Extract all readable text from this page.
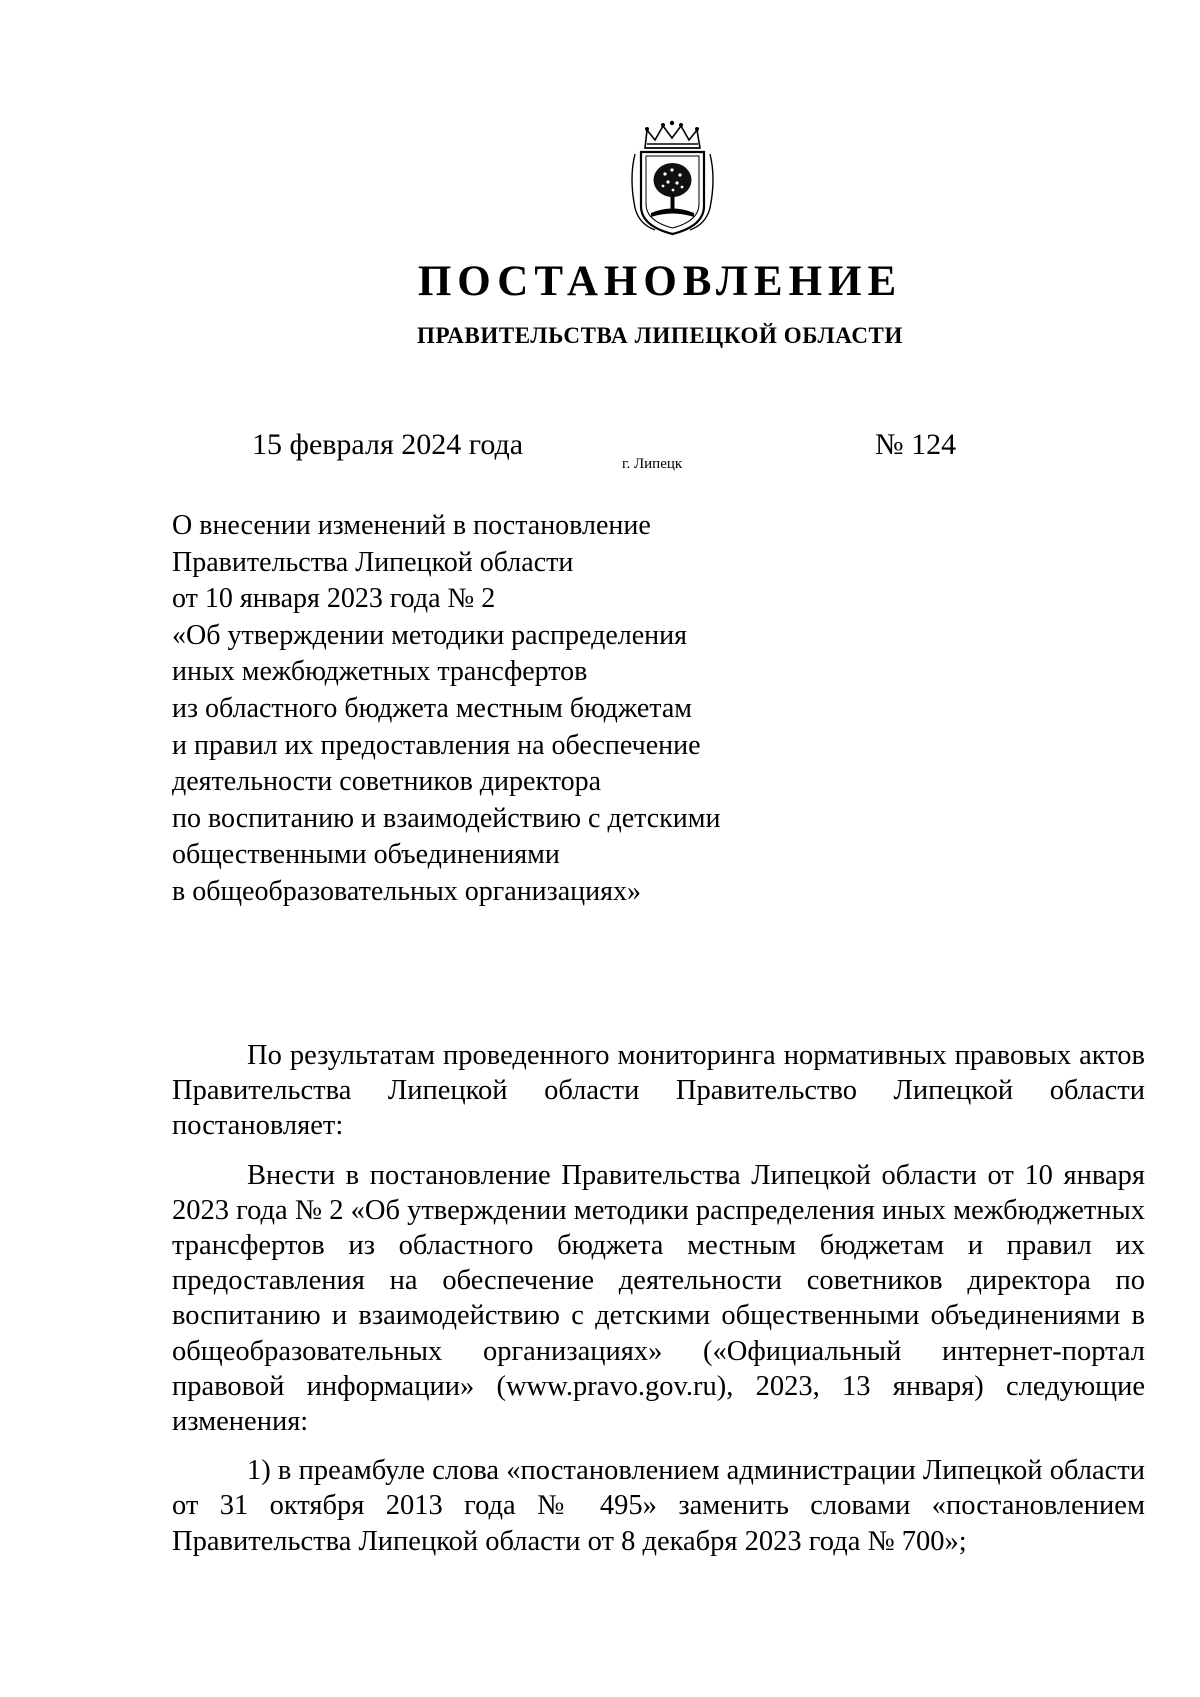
ПОСТАНОВЛЕНИЕ
ПРАВИТЕЛЬСТВА ЛИПЕЦКОЙ ОБЛАСТИ
15 февраля 2024 года
г. Липецк
№ 124
О внесении изменений в постановление
Правительства Липецкой области
от 10 января 2023 года № 2
«Об утверждении методики распределения
иных межбюджетных трансфертов
из областного бюджета местным бюджетам
и правил их предоставления на обеспечение
деятельности советников директора
по воспитанию и взаимодействию с детскими
общественными объединениями
в общеобразовательных организациях»

По результатам проведенного мониторинга нормативных правовых актов Правительства Липецкой области Правительство Липецкой области постановляет:

Внести в постановление Правительства Липецкой области от 10 января 2023 года № 2 «Об утверждении методики распределения иных межбюджетных трансфертов из областного бюджета местным бюджетам и правил их предоставления на обеспечение деятельности советников директора по воспитанию и взаимодействию с детскими общественными объединениями в общеобразовательных организациях» («Официальный интернет-портал правовой информации» (www.pravo.gov.ru), 2023, 13 января) следующие изменения:

1) в преамбуле слова «постановлением администрации Липецкой области от 31 октября 2013 года № 495» заменить словами «постановлением Правительства Липецкой области от 8 декабря 2023 года № 700»;
